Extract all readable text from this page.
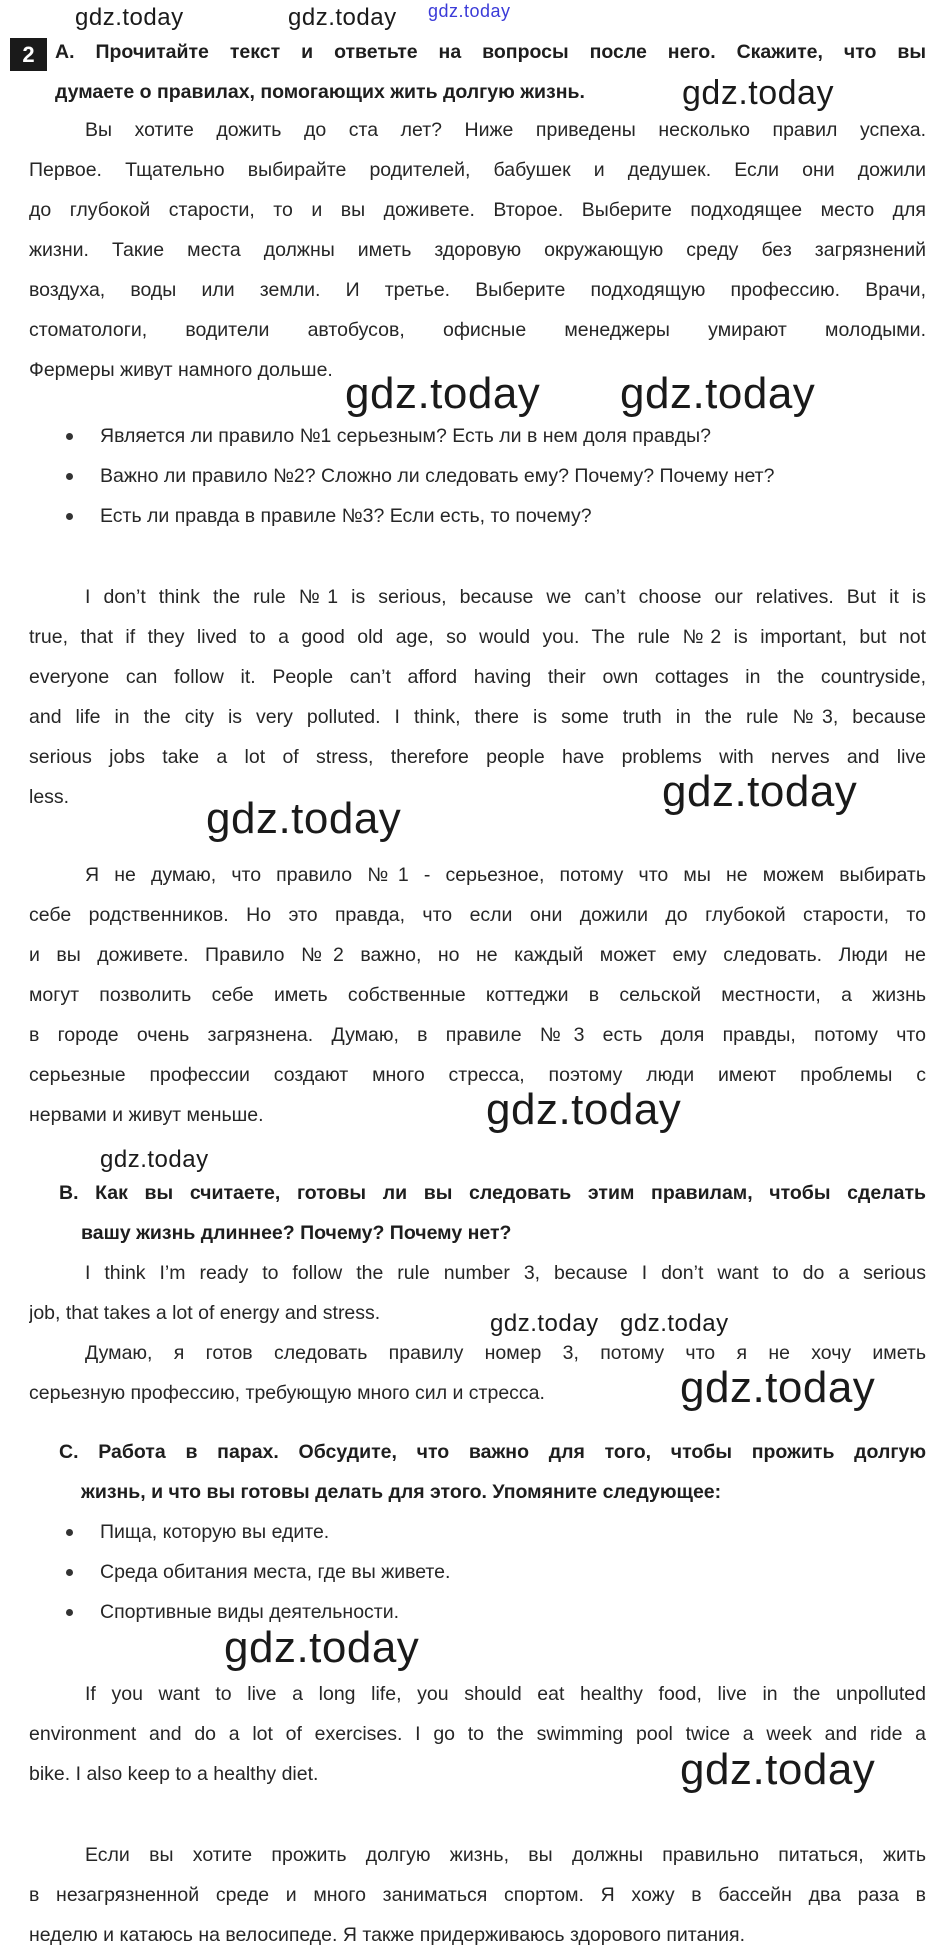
2	A. Прочитайте текст и ответьте на вопросы после него. Скажите, что вы
думаете о правилах, помогающих жить долгую жизнь.
Вы хотите дожить до ста лет? Ниже приведены несколько правил успеха.
Первое. Тщательно выбирайте родителей, бабушек и дедушек. Если они дожили
до глубокой старости, то и вы доживете. Второе. Выберите подходящее место для
жизни. Такие места должны иметь здоровую окружающую среду без загрязнений
воздуха, воды или земли. И третье. Выберите подходящую профессию. Врачи,
стоматологи, водители автобусов, офисные менеджеры умирают молодыми.
Фермеры живут намного дольше.
Является ли правило №1 серьезным? Есть ли в нем доля правды?
Важно ли правило №2? Сложно ли следовать ему? Почему? Почему нет?
Есть ли правда в правиле №3? Если есть, то почему?
I don’t think the rule №1 is serious, because we can’t choose our relatives. But it is
true, that if they lived to a good old age, so would you. The rule №2 is important, but not
everyone can follow it. People can’t afford having their own cottages in the countryside,
and life in the city is very polluted. I think, there is some truth in the rule №3, because
serious jobs take a lot of stress, therefore people have problems with nerves and live
less.
Я не думаю, что правило №1 - серьезное, потому что мы не можем выбирать
себе родственников. Но это правда, что если они дожили до глубокой старости, то
и вы доживете. Правило №2 важно, но не каждый может ему следовать. Люди не
могут позволить себе иметь собственные коттеджи в сельской местности, а жизнь
в городе очень загрязнена. Думаю, в правиле №3 есть доля правды, потому что
серьезные профессии создают много стресса, поэтому люди имеют проблемы с
нервами и живут меньше.
B. Как вы считаете, готовы ли вы следовать этим правилам, чтобы сделать
вашу жизнь длиннее? Почему? Почему нет?
I think I’m ready to follow the rule number 3, because I don’t want to do a serious
job, that takes a lot of energy and stress.
Думаю, я готов следовать правилу номер 3, потому что я не хочу иметь
серьезную профессию, требующую много сил и стресса.
C. Работа в парах. Обсудите, что важно для того, чтобы прожить долгую
жизнь, и что вы готовы делать для этого. Упомяните следующее:
Пища, которую вы едите.
Среда обитания места, где вы живете.
Спортивные виды деятельности.
If you want to live a long life, you should eat healthy food, live in the unpolluted
environment and do a lot of exercises. I go to the swimming pool twice a week and ride a
bike. I also keep to a healthy diet.
Если вы хотите прожить долгую жизнь, вы должны правильно питаться, жить
в незагрязненной среде и много заниматься спортом. Я хожу в бассейн два раза в
неделю и катаюсь на велосипеде. Я также придерживаюсь здорового питания.
gdz.today
gdz.today	gdz.today
gdz.today
gdz.today gdz.today
gdz.today
gdz.today
gdz.today
gdz.today
gdz.today gdz.today
gdz.today
gdz.today
gdz.today
